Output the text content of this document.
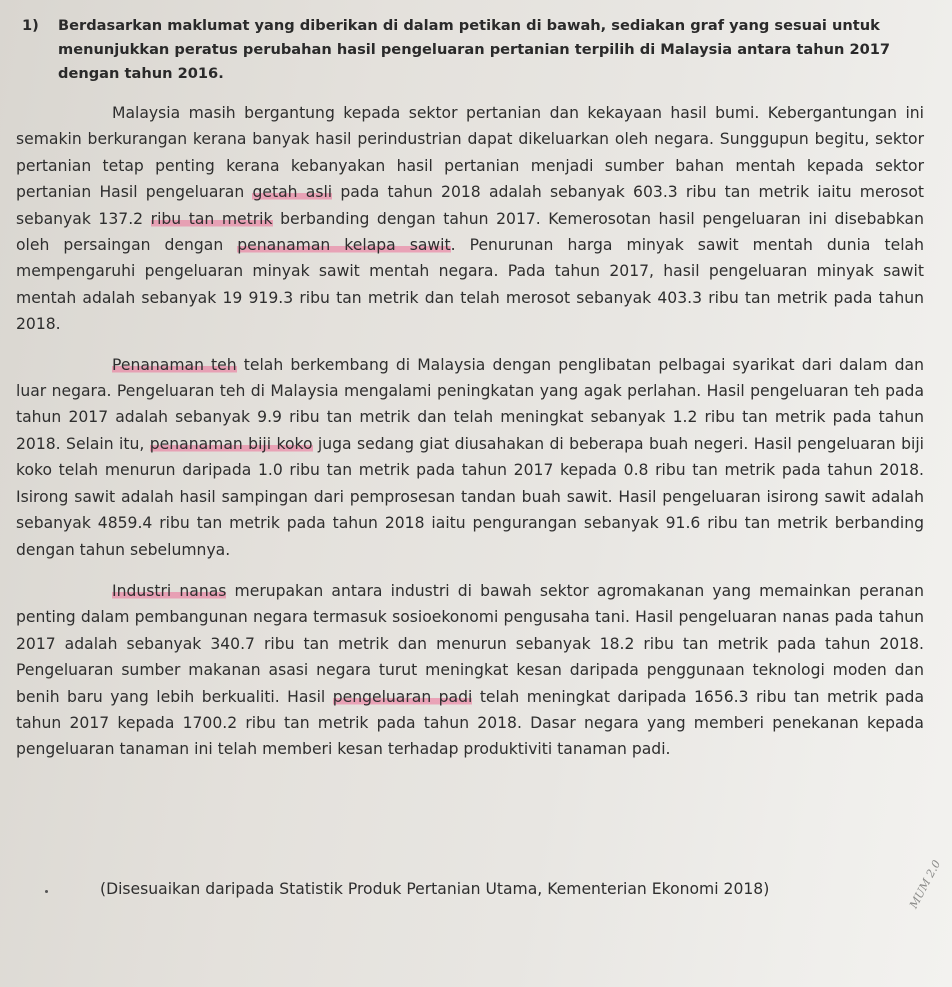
1)	Berdasarkan maklumat yang diberikan di dalam petikan di bawah, sediakan graf yang sesuai untuk menunjukkan peratus perubahan hasil pengeluaran pertanian terpilih di Malaysia antara tahun 2017 dengan tahun 2016.

Malaysia masih bergantung kepada sektor pertanian dan kekayaan hasil bumi. Kebergantungan ini semakin berkurangan kerana banyak hasil perindustrian dapat dikeluarkan oleh negara. Sunggupun begitu, sektor pertanian tetap penting kerana kebanyakan hasil pertanian menjadi sumber bahan mentah kepada sektor pertanian Hasil pengeluaran getah asli pada tahun 2018 adalah sebanyak 603.3 ribu tan metrik iaitu merosot sebanyak 137.2 ribu tan metrik berbanding dengan tahun 2017. Kemerosotan hasil pengeluaran ini disebabkan oleh persaingan dengan penanaman kelapa sawit. Penurunan harga minyak sawit mentah dunia telah mempengaruhi pengeluaran minyak sawit mentah negara. Pada tahun 2017, hasil pengeluaran minyak sawit mentah adalah sebanyak 19 919.3 ribu tan metrik dan telah merosot sebanyak 403.3 ribu tan metrik pada tahun 2018.

Penanaman teh telah berkembang di Malaysia dengan penglibatan pelbagai syarikat dari dalam dan luar negara. Pengeluaran teh di Malaysia mengalami peningkatan yang agak perlahan. Hasil pengeluaran teh pada tahun 2017 adalah sebanyak 9.9 ribu tan metrik dan telah meningkat sebanyak 1.2 ribu tan metrik pada tahun 2018. Selain itu, penanaman biji koko juga sedang giat diusahakan di beberapa buah negeri. Hasil pengeluaran biji koko telah menurun daripada 1.0 ribu tan metrik pada tahun 2017 kepada 0.8 ribu tan metrik pada tahun 2018. Isirong sawit adalah hasil sampingan dari pemprosesan tandan buah sawit. Hasil pengeluaran isirong sawit adalah sebanyak 4859.4 ribu tan metrik pada tahun 2018 iaitu pengurangan sebanyak 91.6 ribu tan metrik berbanding dengan tahun sebelumnya.

Industri nanas merupakan antara industri di bawah sektor agromakanan yang memainkan peranan penting dalam pembangunan negara termasuk sosioekonomi pengusaha tani. Hasil pengeluaran nanas pada tahun 2017 adalah sebanyak 340.7 ribu tan metrik dan menurun sebanyak 18.2 ribu tan metrik pada tahun 2018. Pengeluaran sumber makanan asasi negara turut meningkat kesan daripada penggunaan teknologi moden dan benih baru yang lebih berkualiti. Hasil pengeluaran padi telah meningkat daripada 1656.3 ribu tan metrik pada tahun 2017 kepada 1700.2 ribu tan metrik pada tahun 2018. Dasar negara yang memberi penekanan kepada pengeluaran tanaman ini telah memberi kesan terhadap produktiviti tanaman padi.

(Disesuaikan daripada Statistik Produk Pertanian Utama, Kementerian Ekonomi 2018)	MUM 2.0
